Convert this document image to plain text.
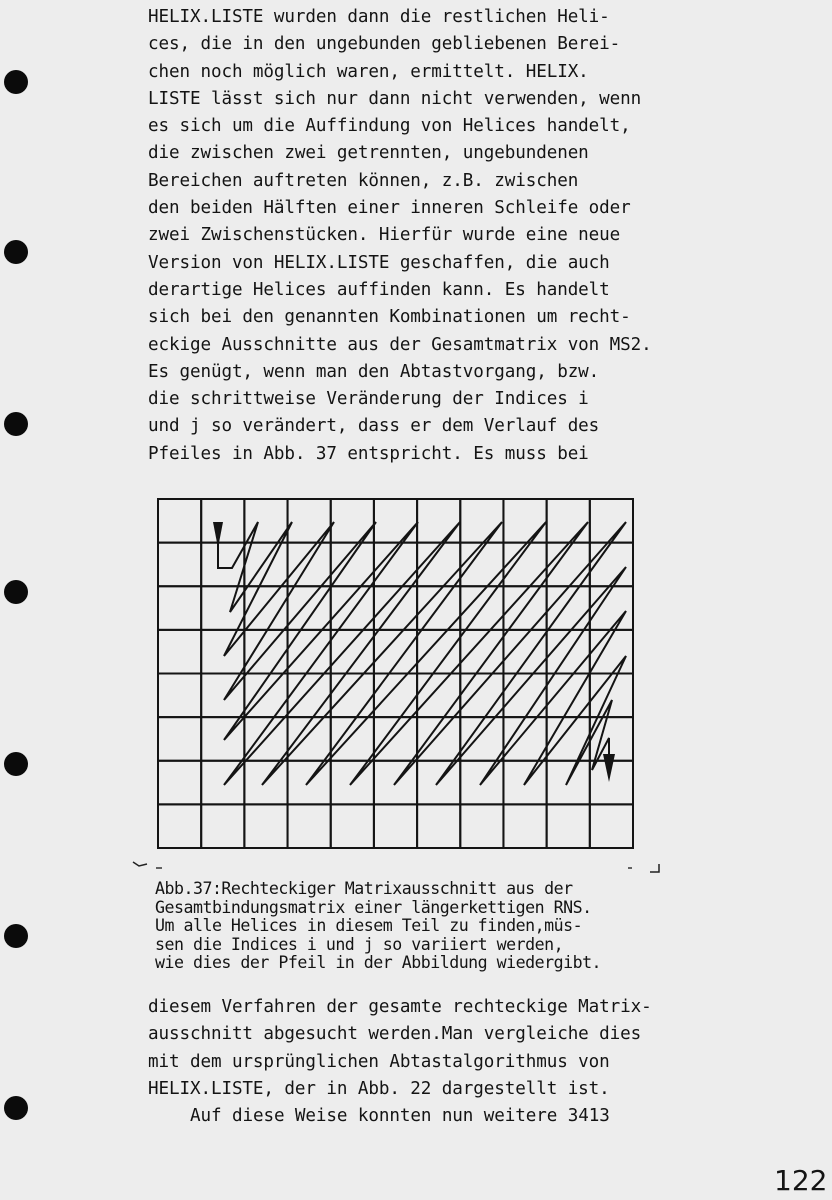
HELIX.LISTE wurden dann die restlichen Heli-
ces, die in den ungebunden gebliebenen Berei-
chen noch möglich waren, ermittelt. HELIX.
LISTE lässt sich nur dann nicht verwenden, wenn
es sich um die Auffindung von Helices handelt,
die zwischen zwei getrennten, ungebundenen
Bereichen auftreten können, z.B. zwischen
den beiden Hälften einer inneren Schleife oder
zwei Zwischenstücken. Hierfür wurde eine neue
Version von HELIX.LISTE geschaffen, die auch
derartige Helices auffinden kann. Es handelt
sich bei den genannten Kombinationen um recht-
eckige Ausschnitte aus der Gesamtmatrix von MS2.
Es genügt, wenn man den Abtastvorgang, bzw.
die schrittweise Veränderung der Indices i
und j so verändert, dass er dem Verlauf des
Pfeiles in Abb. 37 entspricht. Es muss bei
Abb.37:Rechteckiger Matrixausschnitt aus der
Gesamtbindungsmatrix einer längerkettigen RNS.
Um alle Helices in diesem Teil zu finden,müs-
sen die Indices i und j so variiert werden,
wie dies der Pfeil in der Abbildung wiedergibt.
diesem Verfahren der gesamte rechteckige Matrix-
ausschnitt abgesucht werden.Man vergleiche dies
mit dem ursprünglichen Abtastalgorithmus von
HELIX.LISTE, der in Abb. 22 dargestellt ist.
Auf diese Weise konnten nun weitere 3413
122
